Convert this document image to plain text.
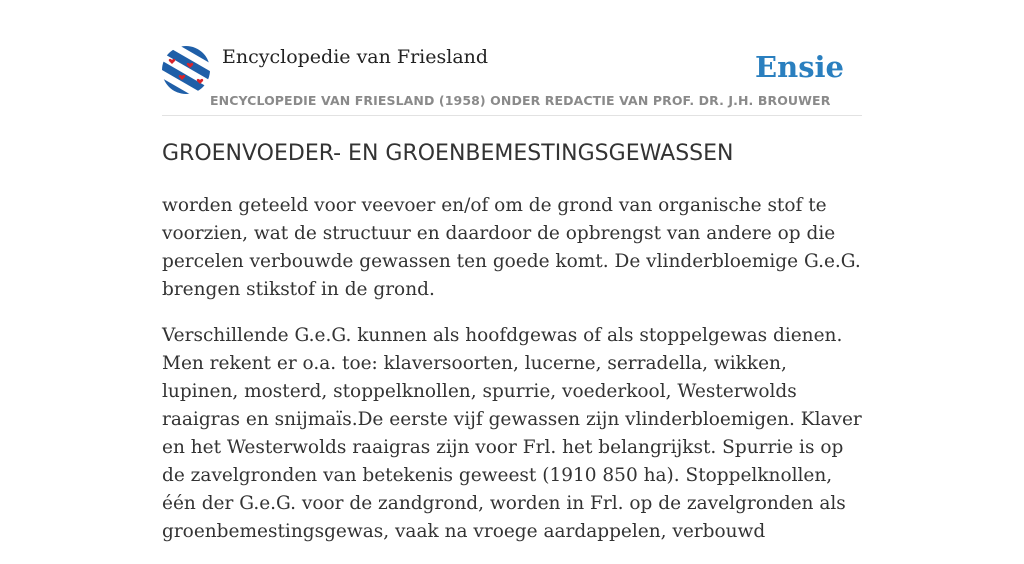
Encyclopedie van Friesland	Ensie
ENCYCLOPEDIE VAN FRIESLAND (1958) ONDER REDACTIE VAN PROF. DR. J.H. BROUWER
GROENVOEDER- EN GROENBEMESTINGSGEWASSEN

worden geteeld voor veevoer en/of om de grond van organische stof te voorzien, wat de structuur en daardoor de opbrengst van andere op die percelen verbouwde gewassen ten goede komt. De vlinderbloemige G.e.G. brengen stikstof in de grond.

Verschillende G.e.G. kunnen als hoofdgewas of als stoppelgewas dienen. Men rekent er o.a. toe: klaversoorten, lucerne, serradella, wikken, lupinen, mosterd, stoppelknollen, spurrie, voederkool, Westerwolds raaigras en snijmaïs.De eerste vijf gewassen zijn vlinderbloemigen. Klaver en het Westerwolds raaigras zijn voor Frl. het belangrijkst. Spurrie is op de zavelgronden van betekenis geweest (1910 850 ha). Stoppelknollen, één der G.e.G. voor de zandgrond, worden in Frl. op de zavelgronden als groenbemestingsgewas, vaak na vroege aardappelen, verbouwd
